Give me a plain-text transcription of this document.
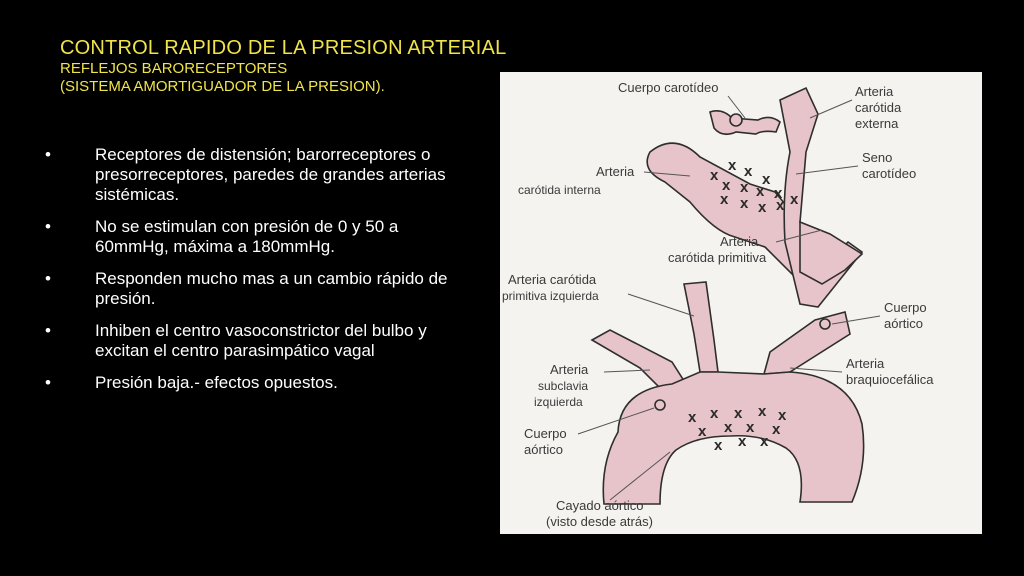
CONTROL RAPIDO DE LA PRESION ARTERIAL
REFLEJOS BARORECEPTORES
(SISTEMA AMORTIGUADOR DE LA PRESION).
•	Receptores de distensión; barorreceptores o presorreceptores, paredes de grandes arterias sistémicas.
•	No se estimulan con presión de 0 y 50 a 60mmHg, máxima a 180mmHg.
•	Responden mucho mas a un cambio rápido de presión.
•	Inhiben el centro vasoconstrictor del bulbo y excitan el centro parasimpático vagal
•	Presión baja.- efectos opuestos.
x
x x x
x x x x
x x x x x
Cuerpo carotídeo	Arteria
carótida
externa
Seno
carotídeo
Arteria
carótida interna
Arteria
carótida primitiva
x x x x x
x x x x
x x x
Arteria carótida
primitiva izquierda
Cuerpo
aórtico
Arteria
braquiocefálica
Arteria
subclavia
izquierda
Cuerpo
aórtico
Cayado aórtico
(visto desde atrás)
